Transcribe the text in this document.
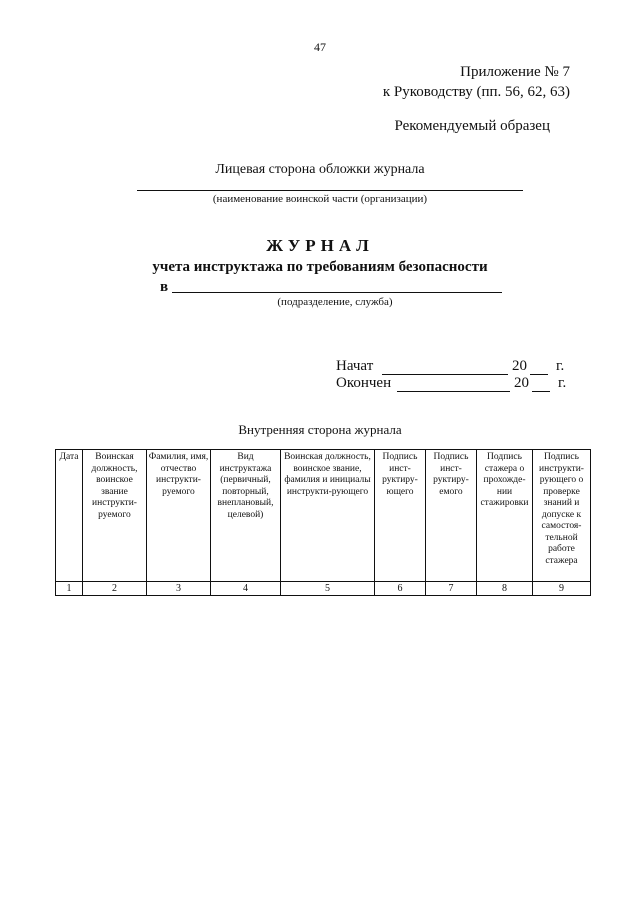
47
Приложение № 7
к Руководству (пп. 56, 62, 63)
Рекомендуемый образец
Лицевая сторона обложки журнала
(наименование воинской части (организации)
ЖУРНАЛ
учета инструктажа по требованиям безопасности
в
(подразделение, служба)
Начат	20 г.
Окончен	20 г.
Внутренняя сторона журнала
Дата	Воинская должность, воинское звание инструкти-руемого	Фамилия, имя, отчество инструкти-руемого	Вид инструктажа (первичный, повторный, внеплановый, целевой)	Воинская должность, воинское звание, фамилия и инициалы инструкти-рующего	Подпись инст-руктиру-ющего	Подпись инст-руктиру-емого	Подпись стажера о прохожде-нии стажировки	Подпись инструкти-рующего о проверке знаний и допуске к самостоя-тельной работе стажера
1	2	3	4	5	6	7	8	9
